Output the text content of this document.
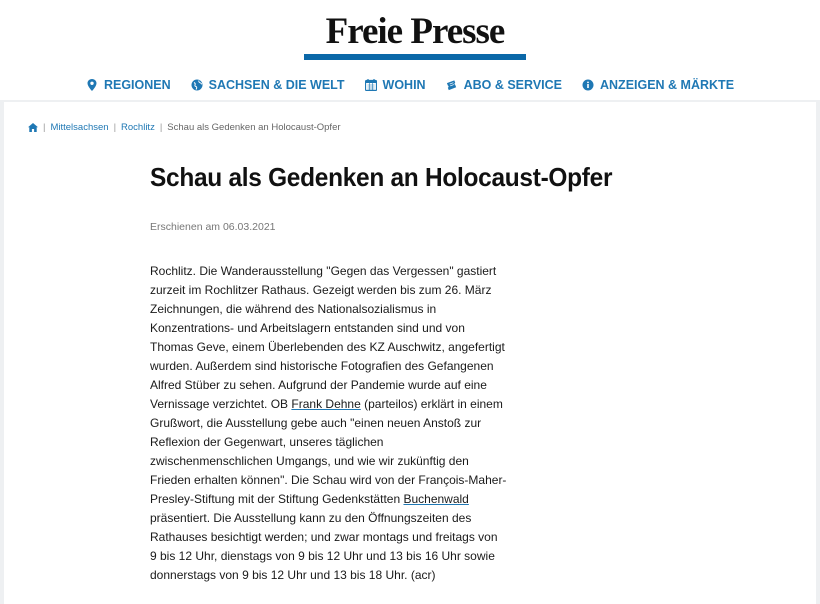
Freie Presse
REGIONEN	SACHSEN & DIE WELT	WOHIN	ABO & SERVICE	ANZEIGEN & MÄRKTE
| Mittelsachsen | Rochlitz | Schau als Gedenken an Holocaust-Opfer
Schau als Gedenken an Holocaust-Opfer
Erschienen am 06.03.2021

Rochlitz. Die Wanderausstellung "Gegen das Vergessen" gastiert

zurzeit im Rochlitzer Rathaus. Gezeigt werden bis zum 26. März

Zeichnungen, die während des Nationalsozialismus in

Konzentrations- und Arbeitslagern entstanden sind und von

Thomas Geve, einem Überlebenden des KZ Auschwitz, angefertigt

wurden. Außerdem sind historische Fotografien des Gefangenen

Alfred Stüber zu sehen. Aufgrund der Pandemie wurde auf eine

Vernissage verzichtet. OB Frank Dehne (parteilos) erklärt in einem

Grußwort, die Ausstellung gebe auch "einen neuen Anstoß zur

Reflexion der Gegenwart, unseres täglichen

zwischenmenschlichen Umgangs, und wie wir zukünftig den

Frieden erhalten können". Die Schau wird von der François-Maher-

Presley-Stiftung mit der Stiftung Gedenkstätten Buchenwald

präsentiert. Die Ausstellung kann zu den Öffnungszeiten des

Rathauses besichtigt werden; und zwar montags und freitags von

9 bis 12 Uhr, dienstags von 9 bis 12 Uhr und 13 bis 16 Uhr sowie

donnerstags von 9 bis 12 Uhr und 13 bis 18 Uhr. (acr)
